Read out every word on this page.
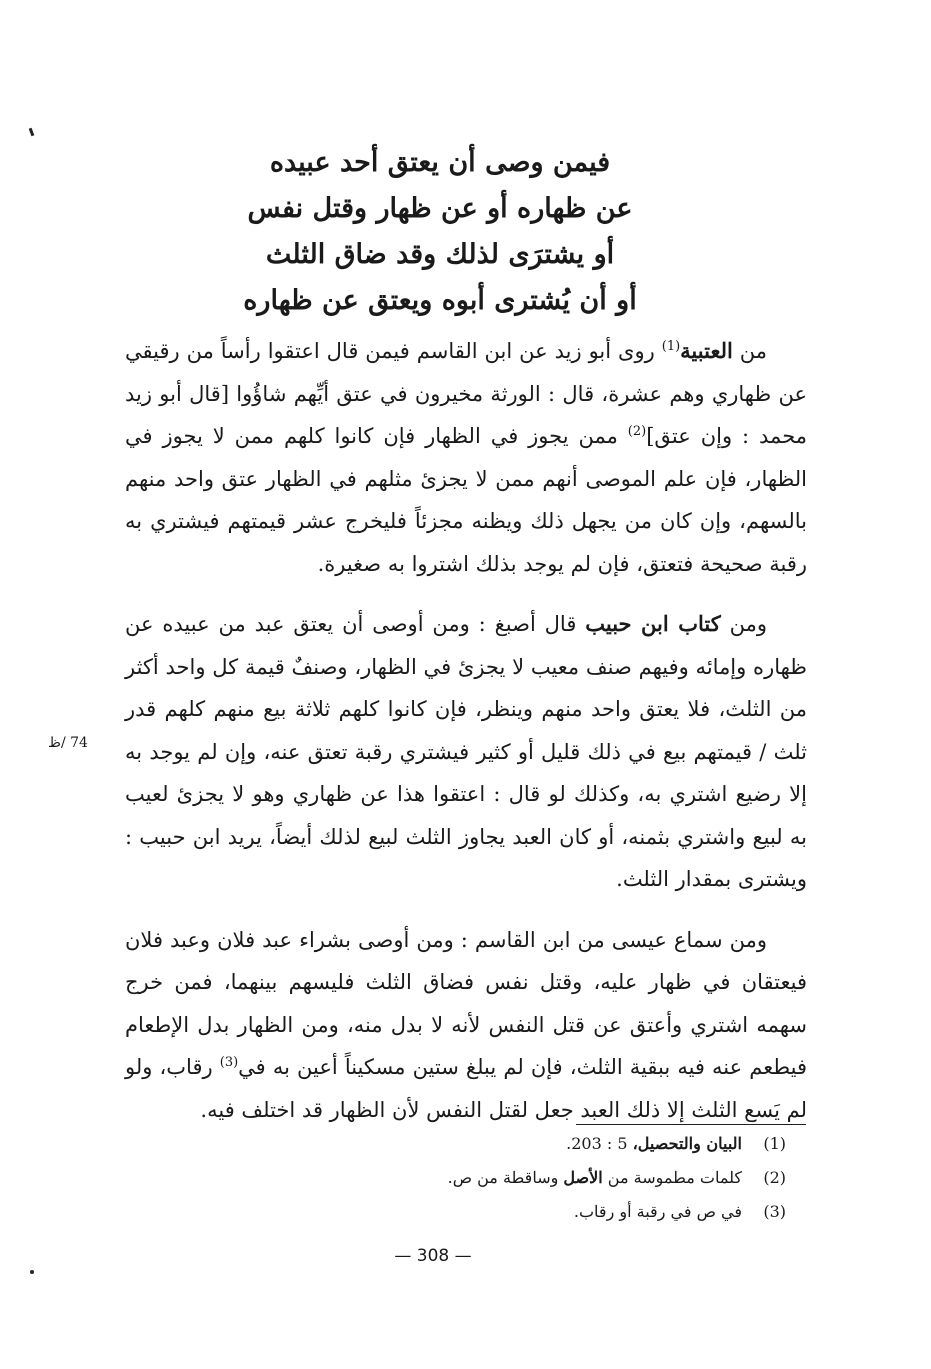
فيمن وصى أن يعتق أحد عبيده
عن ظهاره أو عن ظهار وقتل نفس
أو يشترَى لذلك وقد ضاق الثلث
أو أن يُشترى أبوه ويعتق عن ظهاره

من العتبية$^{(1)}$ روى أبو زيد عن ابن القاسم فيمن قال اعتقوا رأساً من رقيقي عن ظهاري وهم عشرة، قال : الورثة مخيرون في عتق أيِّهم شاؤُوا [قال أبو زيد محمد : وإن عتق]$^{(2)}$ ممن يجوز في الظهار فإن كانوا كلهم ممن لا يجوز في الظهار، فإن علم الموصى أنهم ممن لا يجزئ مثلهم في الظهار عتق واحد منهم بالسهم، وإن كان من يجهل ذلك ويظنه مجزئاً فليخرج عشر قيمتهم فيشتري به رقبة صحيحة فتعتق، فإن لم يوجد بذلك اشتروا به صغيرة.

ومن كتاب ابن حبيب قال أصبغ : ومن أوصى أن يعتق عبد من عبيده عن ظهاره وإمائه وفيهم صنف معيب لا يجزئ في الظهار، وصنفٌ قيمة كل واحد أكثر من الثلث، فلا يعتق واحد منهم وينظر، فإن كانوا كلهم ثلاثة بيع منهم كلهم قدر ثلث / قيمتهم بيع في ذلك قليل أو كثير فيشتري رقبة تعتق عنه، وإن لم يوجد به إلا رضيع اشتري به، وكذلك لو قال : اعتقوا هذا عن ظهاري وهو لا يجزئ لعيب به لبيع واشتري بثمنه، أو كان العبد يجاوز الثلث لبيع لذلك أيضاً، يريد ابن حبيب : ويشترى بمقدار الثلث.

ومن سماع عيسى من ابن القاسم : ومن أوصى بشراء عبد فلان وعبد فلان فيعتقان في ظهار عليه، وقتل نفس فضاق الثلث فليسهم بينهما، فمن خرج سهمه اشتري وأعتق عن قتل النفس لأنه لا بدل منه، ومن الظهار بدل الإطعام فيطعم عنه فيه ببقية الثلث، فإن لم يبلغ ستين مسكيناً أعين به في$^{(3)}$ رقاب، ولو لم يَسع الثلث إلا ذلك العبد جعل لقتل النفس لأن الظهار قد اختلف فيه.

74 /ظ
(1)
البيان والتحصيل، 5 : 203.
(2)
كلمات مطموسة من الأصل وساقطة من ص.
(3)
في ص في رقبة أو رقاب.
— 308 —
